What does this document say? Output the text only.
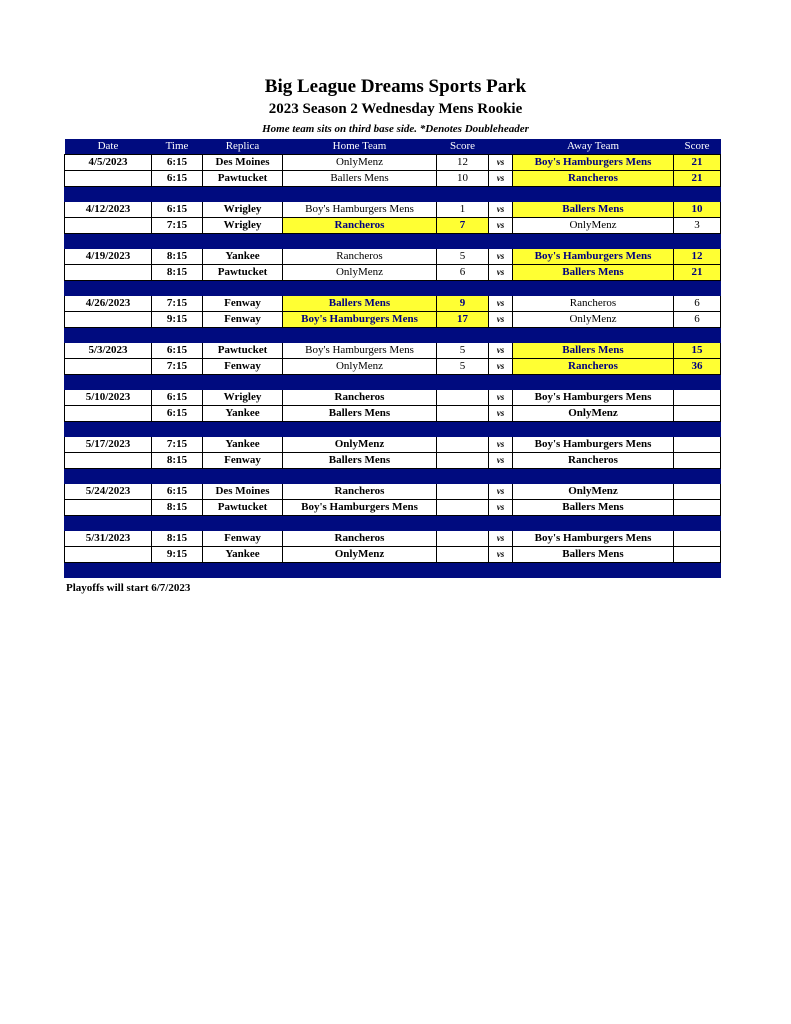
Big League Dreams Sports Park
2023 Season 2 Wednesday Mens Rookie
Home team sits on third base side. *Denotes Doubleheader
Date	Time	Replica	Home Team	Score		Away Team	Score
4/5/2023	6:15	Des Moines	OnlyMenz	12	vs	Boy's Hamburgers Mens	21
	6:15	Pawtucket	Ballers Mens	10	vs	Rancheros	21

4/12/2023	6:15	Wrigley	Boy's Hamburgers Mens	1	vs	Ballers Mens	10
	7:15	Wrigley	Rancheros	7	vs	OnlyMenz	3

4/19/2023	8:15	Yankee	Rancheros	5	vs	Boy's Hamburgers Mens	12
	8:15	Pawtucket	OnlyMenz	6	vs	Ballers Mens	21

4/26/2023	7:15	Fenway	Ballers Mens	9	vs	Rancheros	6
	9:15	Fenway	Boy's Hamburgers Mens	17	vs	OnlyMenz	6

5/3/2023	6:15	Pawtucket	Boy's Hamburgers Mens	5	vs	Ballers Mens	15
	7:15	Fenway	OnlyMenz	5	vs	Rancheros	36

5/10/2023	6:15	Wrigley	Rancheros		vs	Boy's Hamburgers Mens	
	6:15	Yankee	Ballers Mens		vs	OnlyMenz	

5/17/2023	7:15	Yankee	OnlyMenz		vs	Boy's Hamburgers Mens	
	8:15	Fenway	Ballers Mens		vs	Rancheros	

5/24/2023	6:15	Des Moines	Rancheros		vs	OnlyMenz	
	8:15	Pawtucket	Boy's Hamburgers Mens		vs	Ballers Mens	

5/31/2023	8:15	Fenway	Rancheros		vs	Boy's Hamburgers Mens	
	9:15	Yankee	OnlyMenz		vs	Ballers Mens	

Playoffs will start 6/7/2023
